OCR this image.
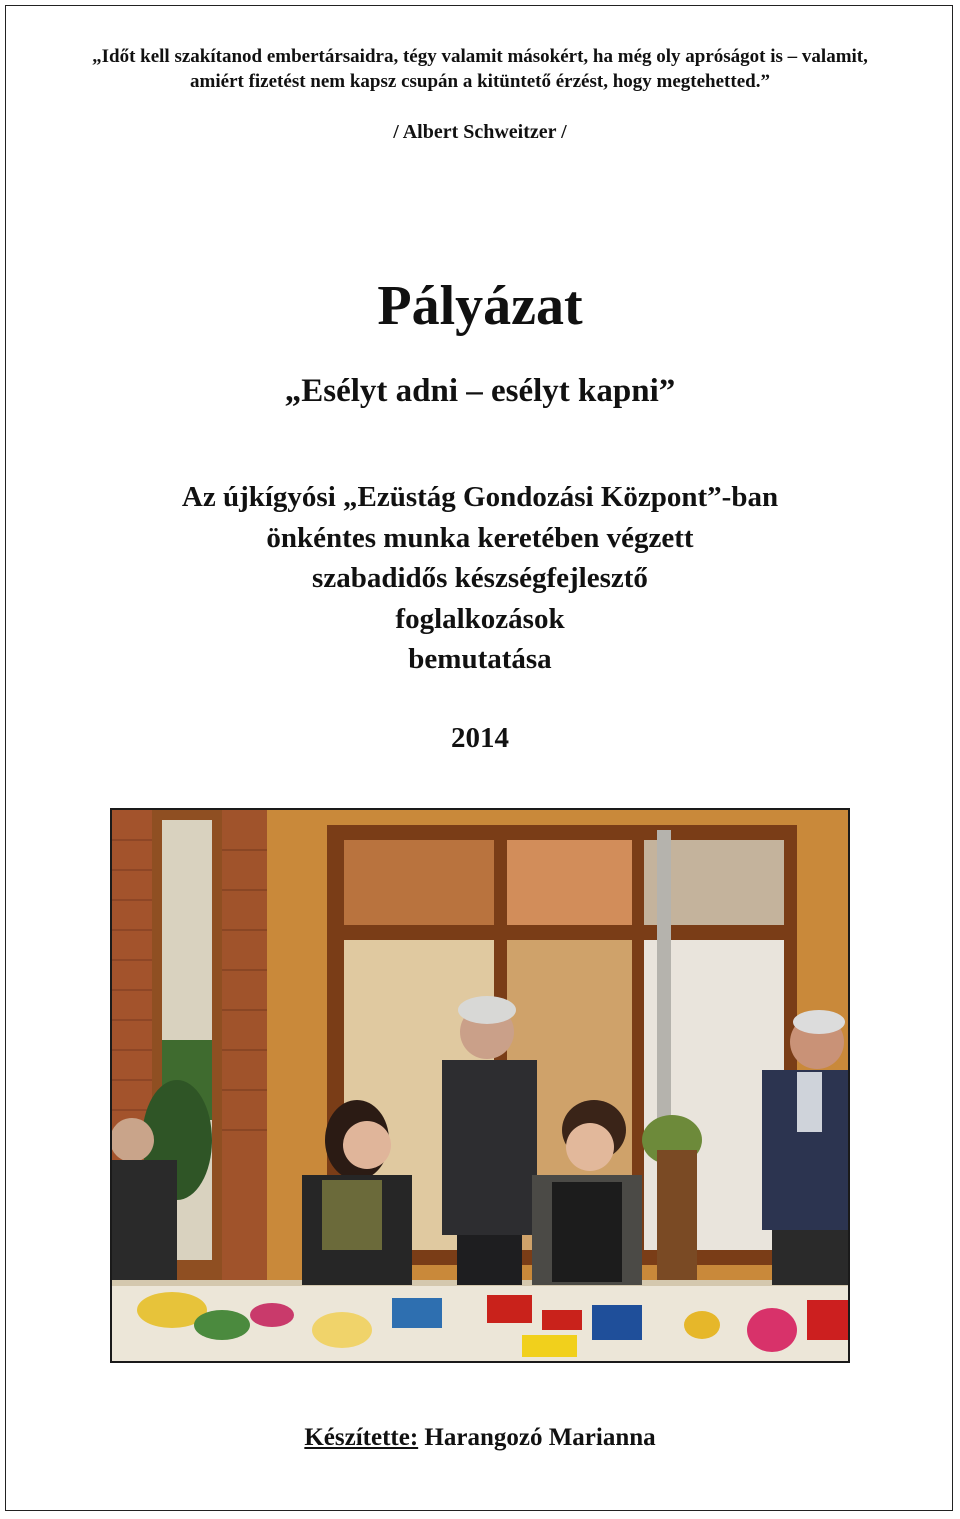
„Időt kell szakítanod embertársaidra, tégy valamit másokért, ha még oly apróságot is – valamit,
amiért fizetést nem kapsz csupán a kitüntető érzést, hogy megtehetted.”
/ Albert Schweitzer /
Pályázat
„Esélyt adni – esélyt kapni”
Az újkígyósi „Ezüstág Gondozási Központ”-ban
önkéntes munka keretében végzett
szabadidős készségfejlesztő
foglalkozások
bemutatása
2014
Készítette: Harangozó Marianna
